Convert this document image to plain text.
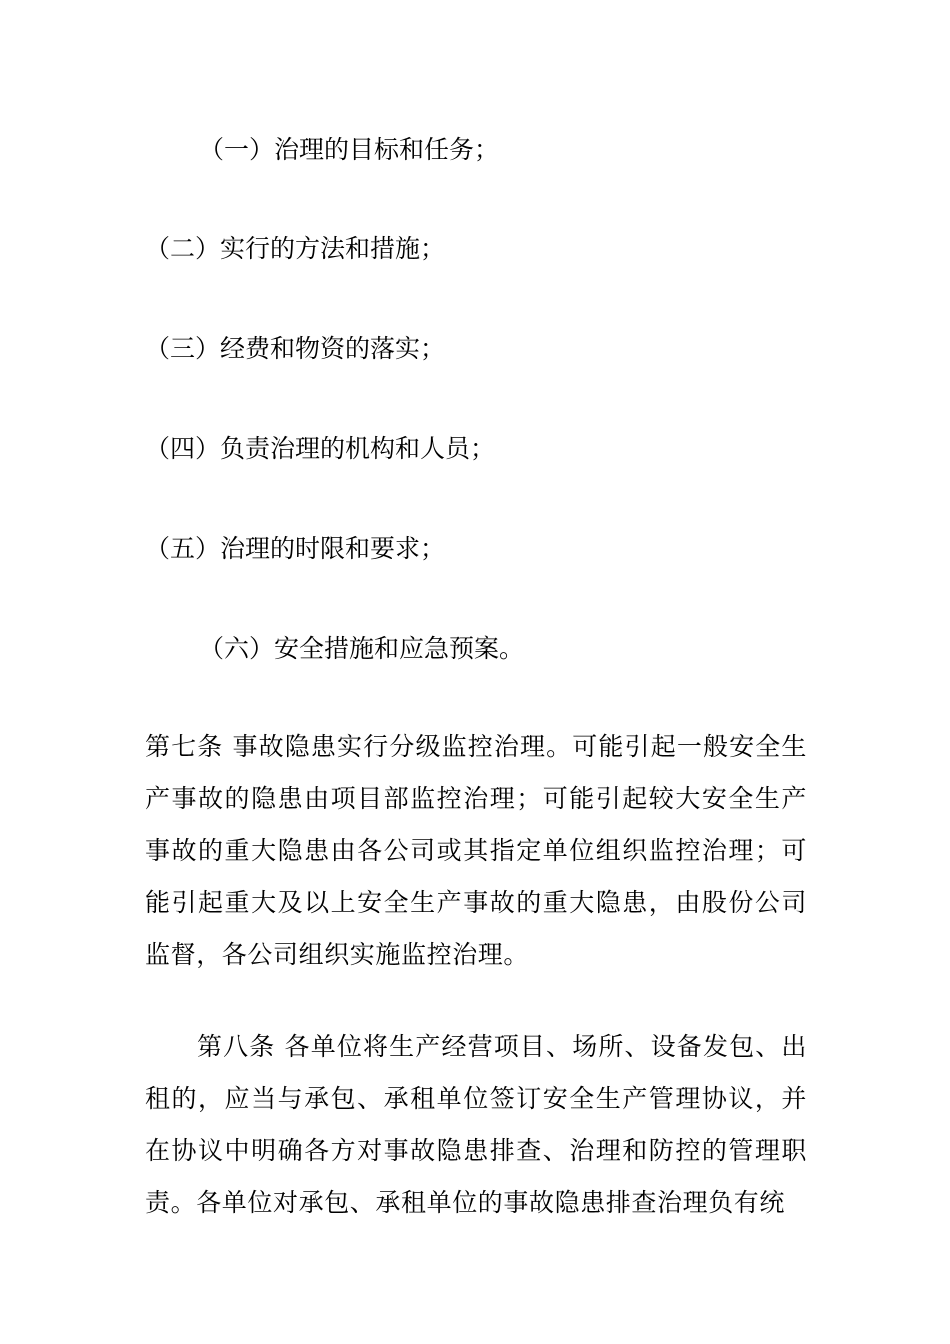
（一）治理的目标和任务；
（二）实行的方法和措施；
（三）经费和物资的落实；
（四）负责治理的机构和人员；
（五）治理的时限和要求；
（六）安全措施和应急预案。
第七条 事故隐患实行分级监控治理。可能引起一般安全生产事故的隐患由项目部监控治理；可能引起较大安全生产事故的重大隐患由各公司或其指定单位组织监控治理；可能引起重大及以上安全生产事故的重大隐患，由股份公司监督，各公司组织实施监控治理。
第八条 各单位将生产经营项目、场所、设备发包、出租的，应当与承包、承租单位签订安全生产管理协议，并在协议中明确各方对事故隐患排查、治理和防控的管理职责。各单位对承包、承租单位的事故隐患排查治理负有统
